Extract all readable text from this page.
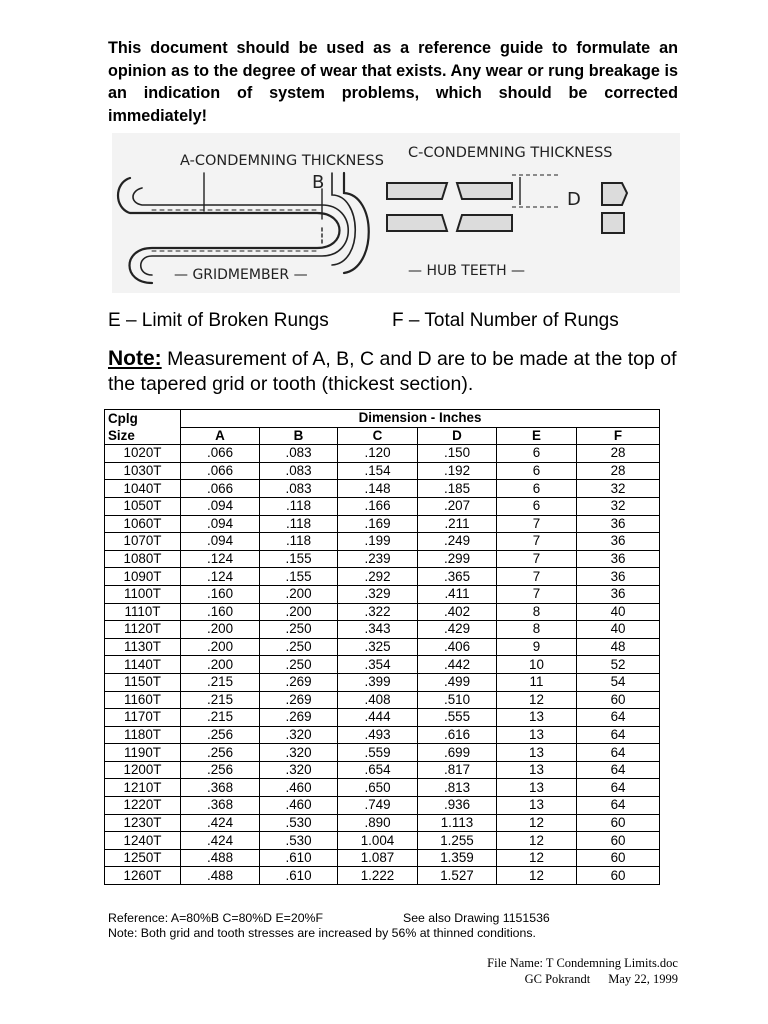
This document should be used as a reference guide to formulate an opinion as to the degree of wear that exists. Any wear or rung breakage is an indication of system problems, which should be corrected immediately!
A-CONDEMNING THICKNESS
B
— GRIDMEMBER —
C-CONDEMNING THICKNESS
D
— HUB TEETH —
E – Limit of Broken Rungs	F – Total Number of Rungs
Note: Measurement of A, B, C and D are to be made at the top of the tapered grid or tooth (thickest section).
Cplg
Size	Dimension - Inches					
	A	B	C	D	E	F
1020T	.066	.083	.120	.150	6	28
1030T	.066	.083	.154	.192	6	28
1040T	.066	.083	.148	.185	6	32
1050T	.094	.118	.166	.207	6	32
1060T	.094	.118	.169	.211	7	36
1070T	.094	.118	.199	.249	7	36
1080T	.124	.155	.239	.299	7	36
1090T	.124	.155	.292	.365	7	36
1100T	.160	.200	.329	.411	7	36
1110T	.160	.200	.322	.402	8	40
1120T	.200	.250	.343	.429	8	40
1130T	.200	.250	.325	.406	9	48
1140T	.200	.250	.354	.442	10	52
1150T	.215	.269	.399	.499	11	54
1160T	.215	.269	.408	.510	12	60
1170T	.215	.269	.444	.555	13	64
1180T	.256	.320	.493	.616	13	64
1190T	.256	.320	.559	.699	13	64
1200T	.256	.320	.654	.817	13	64
1210T	.368	.460	.650	.813	13	64
1220T	.368	.460	.749	.936	13	64
1230T	.424	.530	.890	1.113	12	60
1240T	.424	.530	1.004	1.255	12	60
1250T	.488	.610	1.087	1.359	12	60
1260T	.488	.610	1.222	1.527	12	60
Reference: A=80%B C=80%D E=20%F	See also Drawing 1151536
Note: Both grid and tooth stresses are increased by 56% at thinned conditions.
File Name: T Condemning Limits.doc
GC Pokrandt May 22, 1999
